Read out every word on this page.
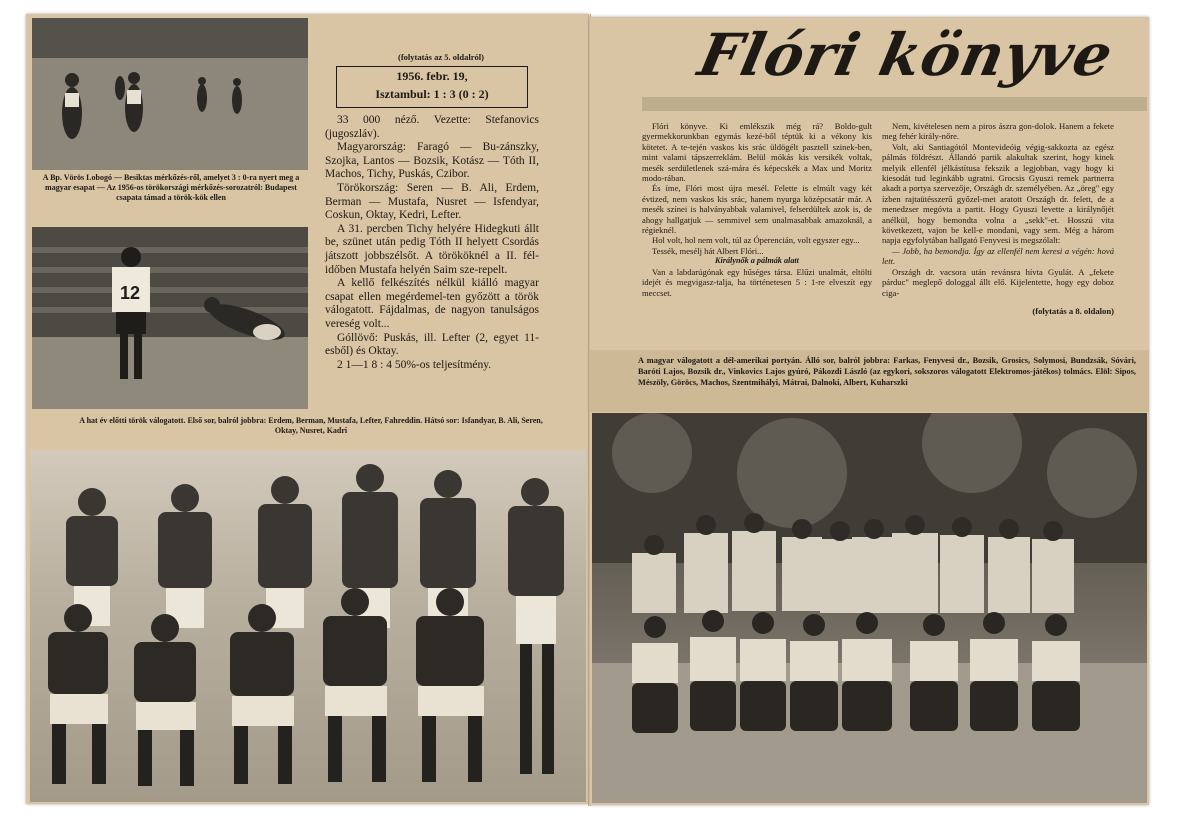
A Bp. Vörös Lobogó — Besiktas mérkőzés-ről, amelyet 3 : 0-ra nyert meg a magyar esapat — Az 1956-os törökországi mérkőzés-sorozatról: Budapest csapata támad a török-kök ellen
12
(folytatás az 5. oldalról)
1956. febr. 19,
Isztambul: 1 : 3 (0 : 2)

33 000 néző. Vezette: Stefanovics (jugoszláv).

Magyarország: Faragó — Bu-zánszky, Szojka, Lantos — Bozsik, Kotász — Tóth II, Machos, Tichy, Puskás, Czibor.

Törökország: Seren — B. Ali, Erdem, Berman — Mustafa, Nusret — Isfendyar, Coskun, Oktay, Kedri, Lefter.

A 31. percben Tichy helyére Hidegkuti állt be, szünet után pedig Tóth II helyett Csordás játszott jobbszélsőt. A törököknél a II. fél-időben Mustafa helyén Saim sze-repelt.

A kellő felkészítés nélkül kiálló magyar csapat ellen megérdemel-ten győzött a török válogatott. Fájdalmas, de nagyon tanulságos vereség volt...

Góllövő: Puskás, ill. Lefter (2, egyet 11-esből) és Oktay.

2 1—1 8 : 4 50%-os teljesítmény.

A hat év előtti török válogatott. Első sor, balról jobbra: Erdem, Berman, Mustafa, Lefter, Fahreddin. Hátsó sor: Isfandyar, B. Ali, Seren, Oktay, Nusret, Kadri
Flóri könyve

Flóri könyve. Ki emlékszik még rá? Boldo-gult gyermekkorunkban egymás kezé-ből téptük ki a vékony kis kötetet. A te-tején vaskos kis srác üldögélt pasztell szinek-ben, mint valami tápszerreklám. Belül mókás kis versikék voltak, mesék serdületlenek szá-mára és képecskék a Max und Moritz modo-rában.

És íme, Flóri most újra mesél. Felette is elmúlt vagy két évtized, nem vaskos kis srác, hanem nyurga középcsatár már. A mesék színei is halványabbak valamivel, felserdültek azok is, de ahogy hallgatjuk — semmivel sem unalmasabbak amazoknál, a régieknél.

Hol volt, hol nem volt, túl az Óperencián, volt egyszer egy...

Tessék, mesélj hát Albert Flóri...

Királynők a pálmák alatt

Van a labdarúgónak egy hűséges társa. Elűzi unalmát, eltölti idejét és megvigasz-talja, ha történetesen 5 : 1-re elveszít egy meccset.

Nem, kivételesen nem a piros ászra gon-dolok. Hanem a fekete meg fehér király-nőre.

Volt, aki Santiagótól Montevideóig végig-sakkozta az egész pálmás földrészt. Állandó partik alakultak szerint, hogy kinek melyik ellenfél jélkástítusa fekszik a legjobban, vagy hogy ki kiesodát tud leginkább ugratni. Grocsis Gyuszi remek partnerra akadt a portya szervezője, Országh dr. személyében. Az „öreg" egy ízben rajtaütésszerű győzel-met aratott Országh dr. felett, de a menedzser megóvta a partit. Hogy Gyuszi levette a királynőjét anélkül, hogy bemondta volna a „sekk"-et. Hosszú vita következett, vajon be kell-e mondani, vagy sem. Még a három napja egyfolytában hallgató Fenyvesi is megszólalt:

— Jobb, ha bemondja. Így az ellenfél nem keresi a végén: hová lett.

Országh dr. vacsora után revánsra hívta Gyulát. A „fekete párduc" meglepő dologgal állt elő. Kijelentette, hogy egy doboz ciga-

(folytatás a 8. oldalon)

A magyar válogatott a dél-amerikai portyán. Álló sor, balról jobbra: Farkas, Fenyvesi dr., Bozsik, Grosics, Solymosi, Bundzsák, Sóvári, Baróti Lajos, Bozsik dr., Vinkovics Lajos gyúró, Pákozdi László (az egykori, sokszoros válogatott Elektromos-játékos) tolmács. Elöl: Sipos, Mészöly, Göröcs, Machos, Szentmihályi, Mátrai, Dalnoki, Albert, Kuharszki
